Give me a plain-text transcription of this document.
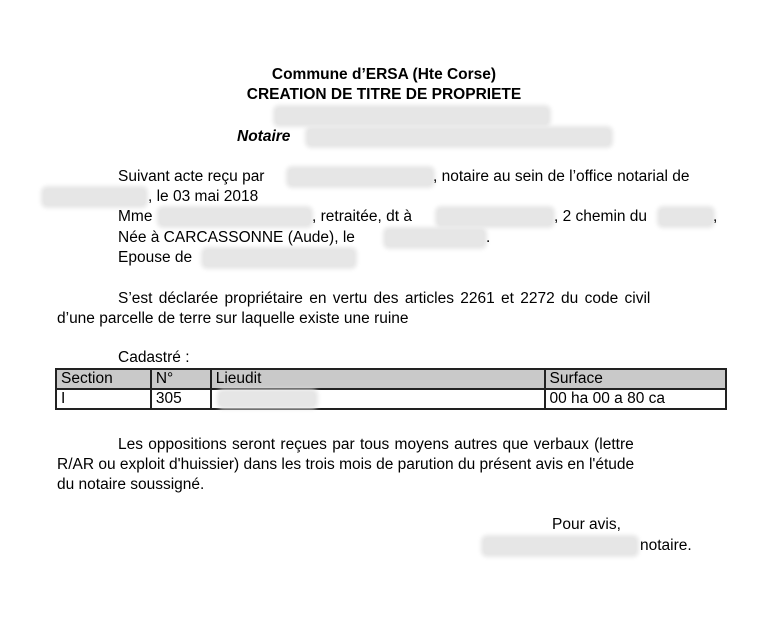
Commune d’ERSA (Hte Corse)
CREATION DE TITRE DE PROPRIETE
Notaire
Suivant acte reçu par	, notaire au sein de l’office notarial de
, le 03 mai 2018
Mme	, retraitée, dt à	, 2 chemin du	,
Née à CARCASSONNE (Aude), le	.
Epouse de
S’est déclarée propriétaire en vertu des articles 2261 et 2272 du code civil
d’une parcelle de terre sur laquelle existe une ruine
Cadastré :
Section	N°	Lieudit	Surface
I	305		00 ha 00 a 80 ca
Les oppositions seront reçues par tous moyens autres que verbaux (lettre
R/AR ou exploit d'huissier) dans les trois mois de parution du présent avis en l'étude
du notaire soussigné.
Pour avis,
notaire.
